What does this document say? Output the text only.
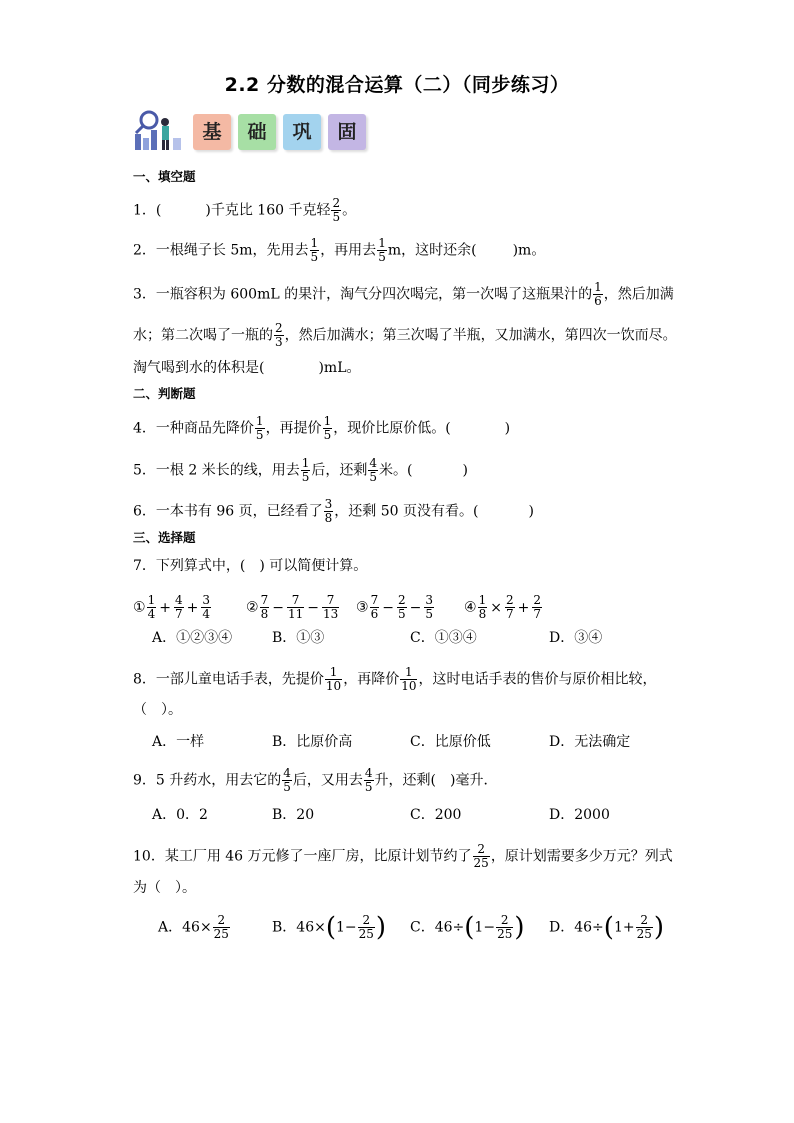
2.2 分数的混合运算（二）（同步练习）
基	础	巩	固
一、填空题
1．(	)千克比 160 千克轻 $\frac{2}{5}$ 。
2．一根绳子长 5m，先用去 $\frac{1}{5}$ ，再用去 $\frac{1}{5}$ m，这时还余(	)m。
3．一瓶容积为 600mL 的果汁，淘气分四次喝完，第一次喝了这瓶果汁的 $\frac{1}{6}$ ，然后加满
水；第二次喝了一瓶的 $\frac{2}{3}$ ，然后加满水；第三次喝了半瓶，又加满水，第四次一饮而尽。
淘气喝到水的体积是(	)mL。
二、判断题
4．一种商品先降价 $\frac{1}{5}$ ，再提价 $\frac{1}{5}$ ，现价比原价低。(	)
5．一根 2 米长的线，用去 $\frac{1}{5}$ 后，还剩 $\frac{4}{5}$ 米。(	)
6．一本书有 96 页，已经看了 $\frac{3}{8}$ ，还剩 50 页没有看。(	)
三、选择题
7．下列算式中，(　) 可以简便计算。
① $\frac{1}{4} + \frac{4}{7} + \frac{3}{4}$	② $\frac{7}{8} - \frac{7}{11} - \frac{7}{13}$ ③ $\frac{7}{6} - \frac{2}{5} - \frac{3}{5}$ ④ $\frac{1}{8} \times \frac{2}{7} + \frac{2}{7}$
A．①②③④	B．①③	C．①③④	D．③④
8．一部儿童电话手表，先提价 $\frac{1}{10}$ ，再降价 $\frac{1}{10}$ ，这时电话手表的售价与原价相比较，
（　）。
A．一样	B．比原价高	C．比原价低	D．无法确定
9．5 升药水，用去它的 $\frac{4}{5}$ 后，又用去 $\frac{4}{5}$ 升，还剩(　)毫升．
A．0．2	B．20	C．200	D．2000
10．某工厂用 46 万元修了一座厂房，比原计划节约了 $\frac{2}{25}$ ，原计划需要多少万元？列式
为（　）。
A．$46\times \frac{2}{25}$	B．$46\times(1- \frac{2}{25}$ ) C．$46\div(1- \frac{2}{25}$ ) D．$46\div(1+ \frac{2}{25}$ )
